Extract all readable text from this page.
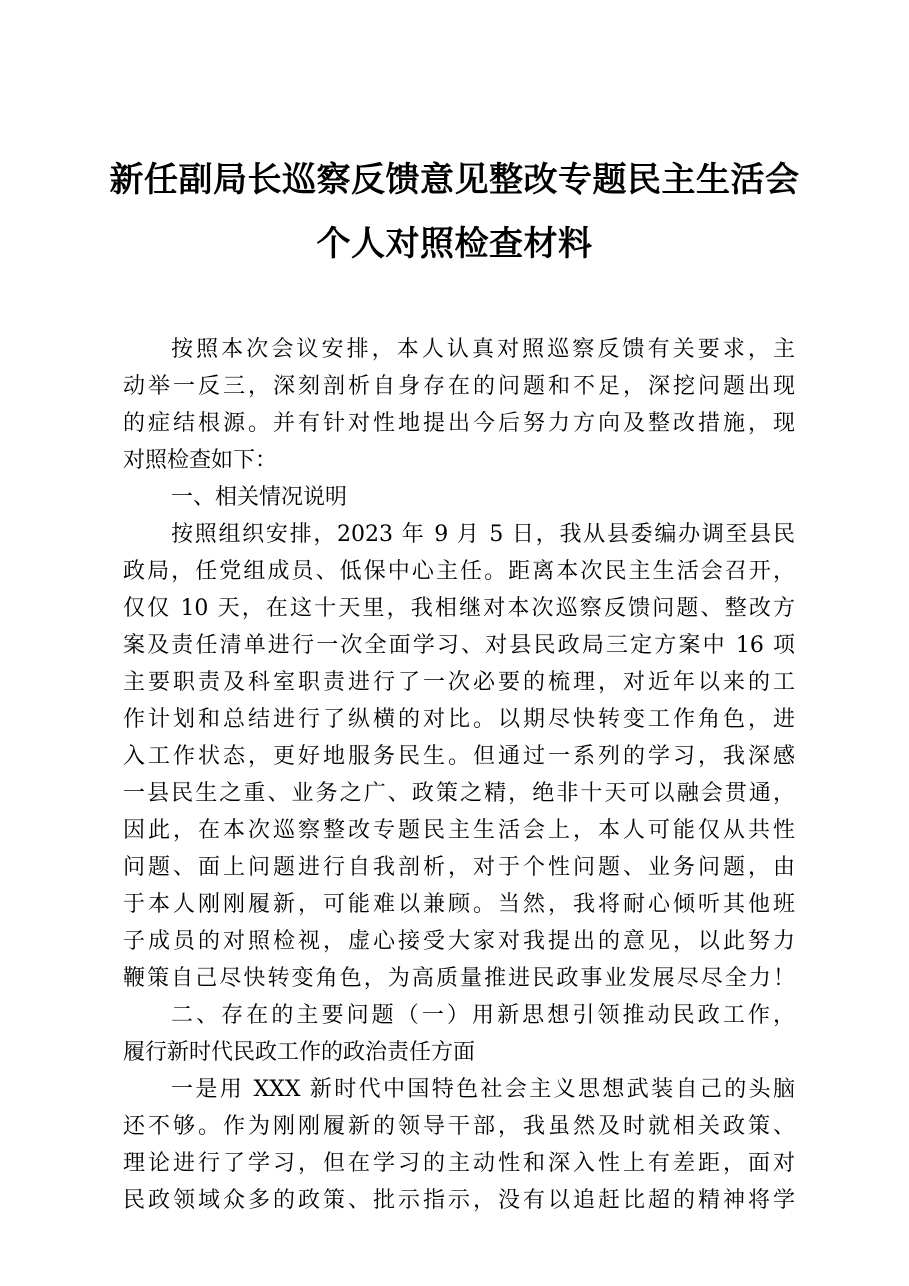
新任副局长巡察反馈意见整改专题民主生活会
个人对照检查材料
按照本次会议安排，本人认真对照巡察反馈有关要求，主
动举一反三，深刻剖析自身存在的问题和不足，深挖问题出现
的症结根源。并有针对性地提出今后努力方向及整改措施，现
对照检查如下：
一、相关情况说明
按照组织安排，2023 年 9 月 5 日，我从县委编办调至县民
政局，任党组成员、低保中心主任。距离本次民主生活会召开，
仅仅 10 天，在这十天里，我相继对本次巡察反馈问题、整改方
案及责任清单进行一次全面学习、对县民政局三定方案中 16 项
主要职责及科室职责进行了一次必要的梳理，对近年以来的工
作计划和总结进行了纵横的对比。以期尽快转变工作角色，进
入工作状态，更好地服务民生。但通过一系列的学习，我深感
一县民生之重、业务之广、政策之精，绝非十天可以融会贯通，
因此，在本次巡察整改专题民主生活会上，本人可能仅从共性
问题、面上问题进行自我剖析，对于个性问题、业务问题，由
于本人刚刚履新，可能难以兼顾。当然，我将耐心倾听其他班
子成员的对照检视，虚心接受大家对我提出的意见，以此努力
鞭策自己尽快转变角色，为高质量推进民政事业发展尽尽全力！
二、存在的主要问题（一）用新思想引领推动民政工作，
履行新时代民政工作的政治责任方面
一是用 XXX 新时代中国特色社会主义思想武装自己的头脑
还不够。作为刚刚履新的领导干部，我虽然及时就相关政策、
理论进行了学习，但在学习的主动性和深入性上有差距，面对
民政领域众多的政策、批示指示，没有以追赶比超的精神将学
